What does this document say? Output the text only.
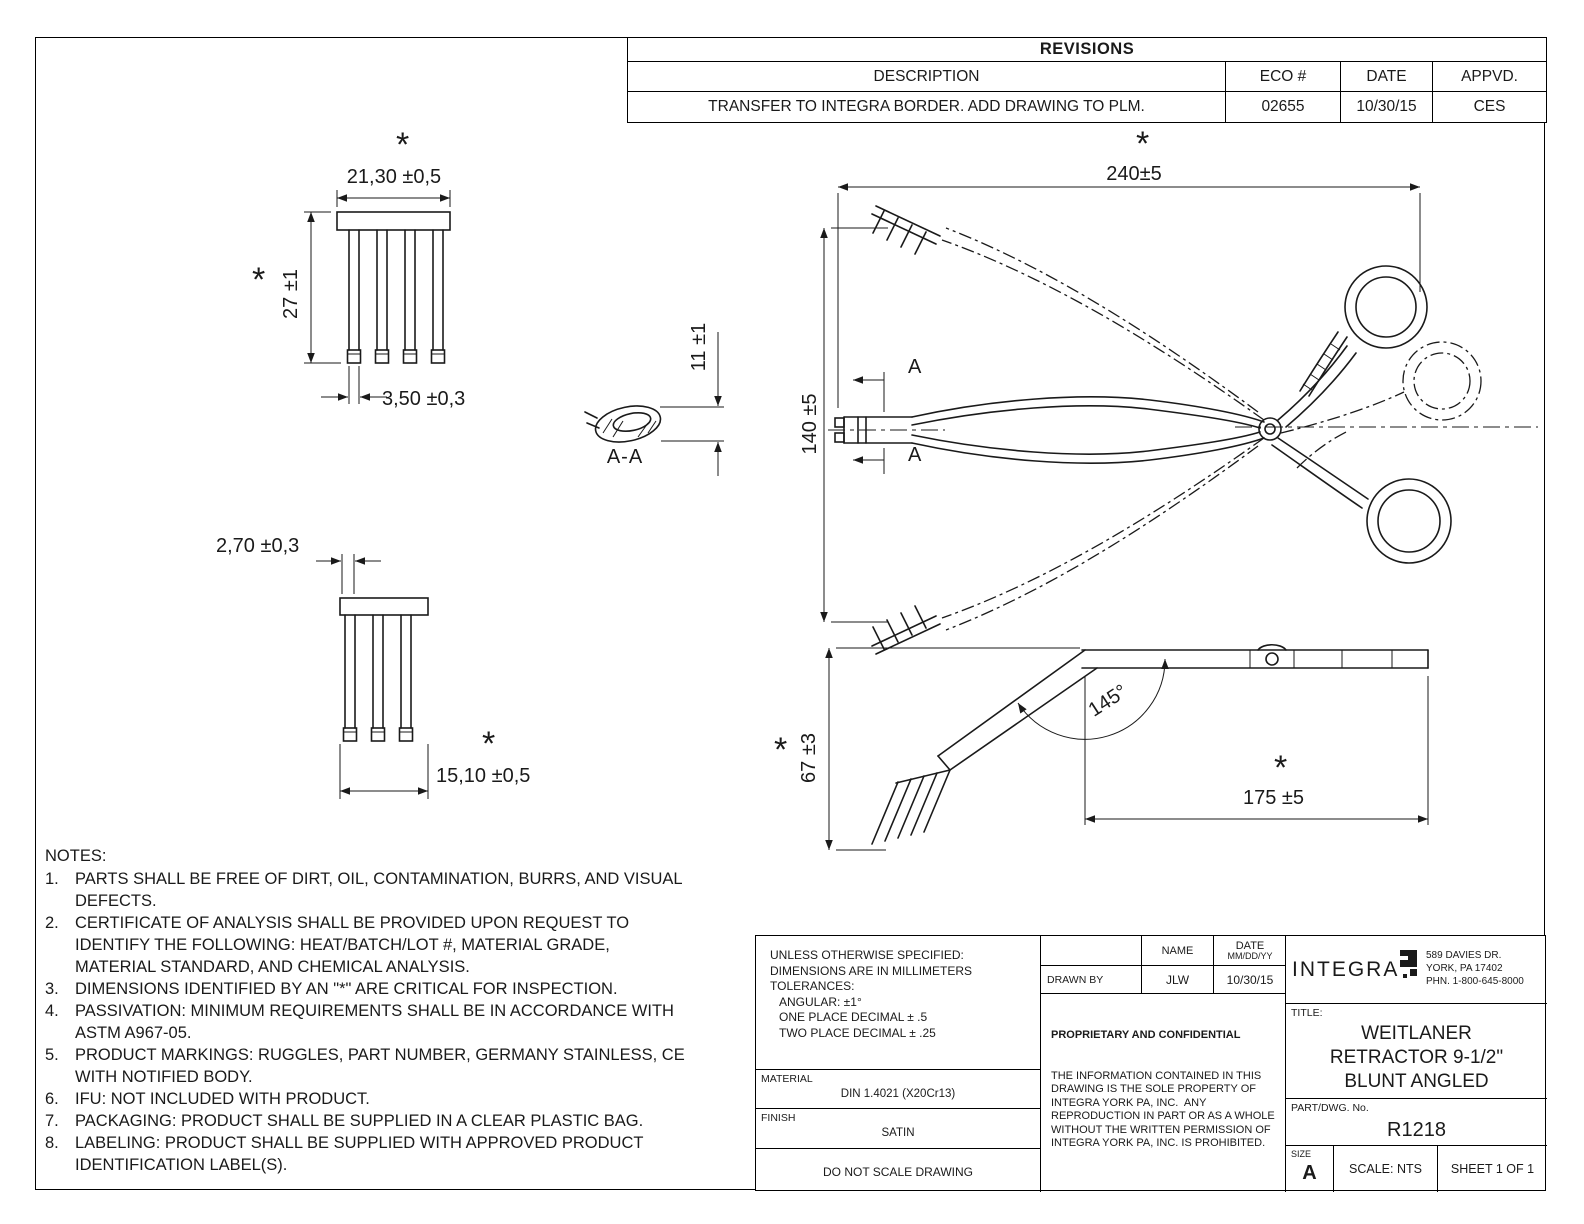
*
21,30 ±0,5
* 27 ±1
3,50 ±0,3
A-A
11 ±1
*
240±5
140 ±5
A
A
2,70 ±0,3
*
15,10 ±0,5
* 67 ±3
145°
*
175 ±5
REVISIONS			
DESCRIPTION	ECO #	DATE	APPVD.
TRANSFER TO INTEGRA BORDER. ADD DRAWING TO PLM.	02655	10/30/15	CES
NOTES:
1. PARTS SHALL BE FREE OF DIRT, OIL, CONTAMINATION, BURRS, AND VISUAL DEFECTS.
2. CERTIFICATE OF ANALYSIS SHALL BE PROVIDED UPON REQUEST TO IDENTIFY THE FOLLOWING: HEAT/BATCH/LOT #, MATERIAL GRADE, MATERIAL STANDARD, AND CHEMICAL ANALYSIS.
3. DIMENSIONS IDENTIFIED BY AN "*" ARE CRITICAL FOR INSPECTION.
4. PASSIVATION: MINIMUM REQUIREMENTS SHALL BE IN ACCORDANCE WITH ASTM A967-05.
5. PRODUCT MARKINGS: RUGGLES, PART NUMBER, GERMANY STAINLESS, CE WITH NOTIFIED BODY.
6. IFU: NOT INCLUDED WITH PRODUCT.
7. PACKAGING: PRODUCT SHALL BE SUPPLIED IN A CLEAR PLASTIC BAG.
8. LABELING: PRODUCT SHALL BE SUPPLIED WITH APPROVED PRODUCT IDENTIFICATION LABEL(S).
UNLESS OTHERWISE SPECIFIED:
DIMENSIONS ARE IN MILLIMETERS
TOLERANCES:
ANGULAR: ±1°
ONE PLACE DECIMAL ± .5
TWO PLACE DECIMAL ± .25
MATERIAL
DIN 1.4021 (X20Cr13)
FINISH
SATIN
DO NOT SCALE DRAWING
NAME	DATE
MM/DD/YY
DRAWN BY	JLW	10/30/15

PROPRIETARY AND CONFIDENTIAL

THE INFORMATION CONTAINED IN THIS DRAWING IS THE SOLE PROPERTY OF INTEGRA YORK PA, INC.  ANY REPRODUCTION IN PART OR AS A WHOLE WITHOUT THE WRITTEN PERMISSION OF INTEGRA YORK PA, INC. IS PROHIBITED.

INTEGRA
589 DAVIES DR.
YORK, PA 17402
PHN. 1-800-645-8000
TITLE:
WEITLANER
RETRACTOR 9-1/2"
BLUNT ANGLED
PART/DWG. No.
R1218
SIZE
A	SCALE: NTS SHEET 1 OF 1
